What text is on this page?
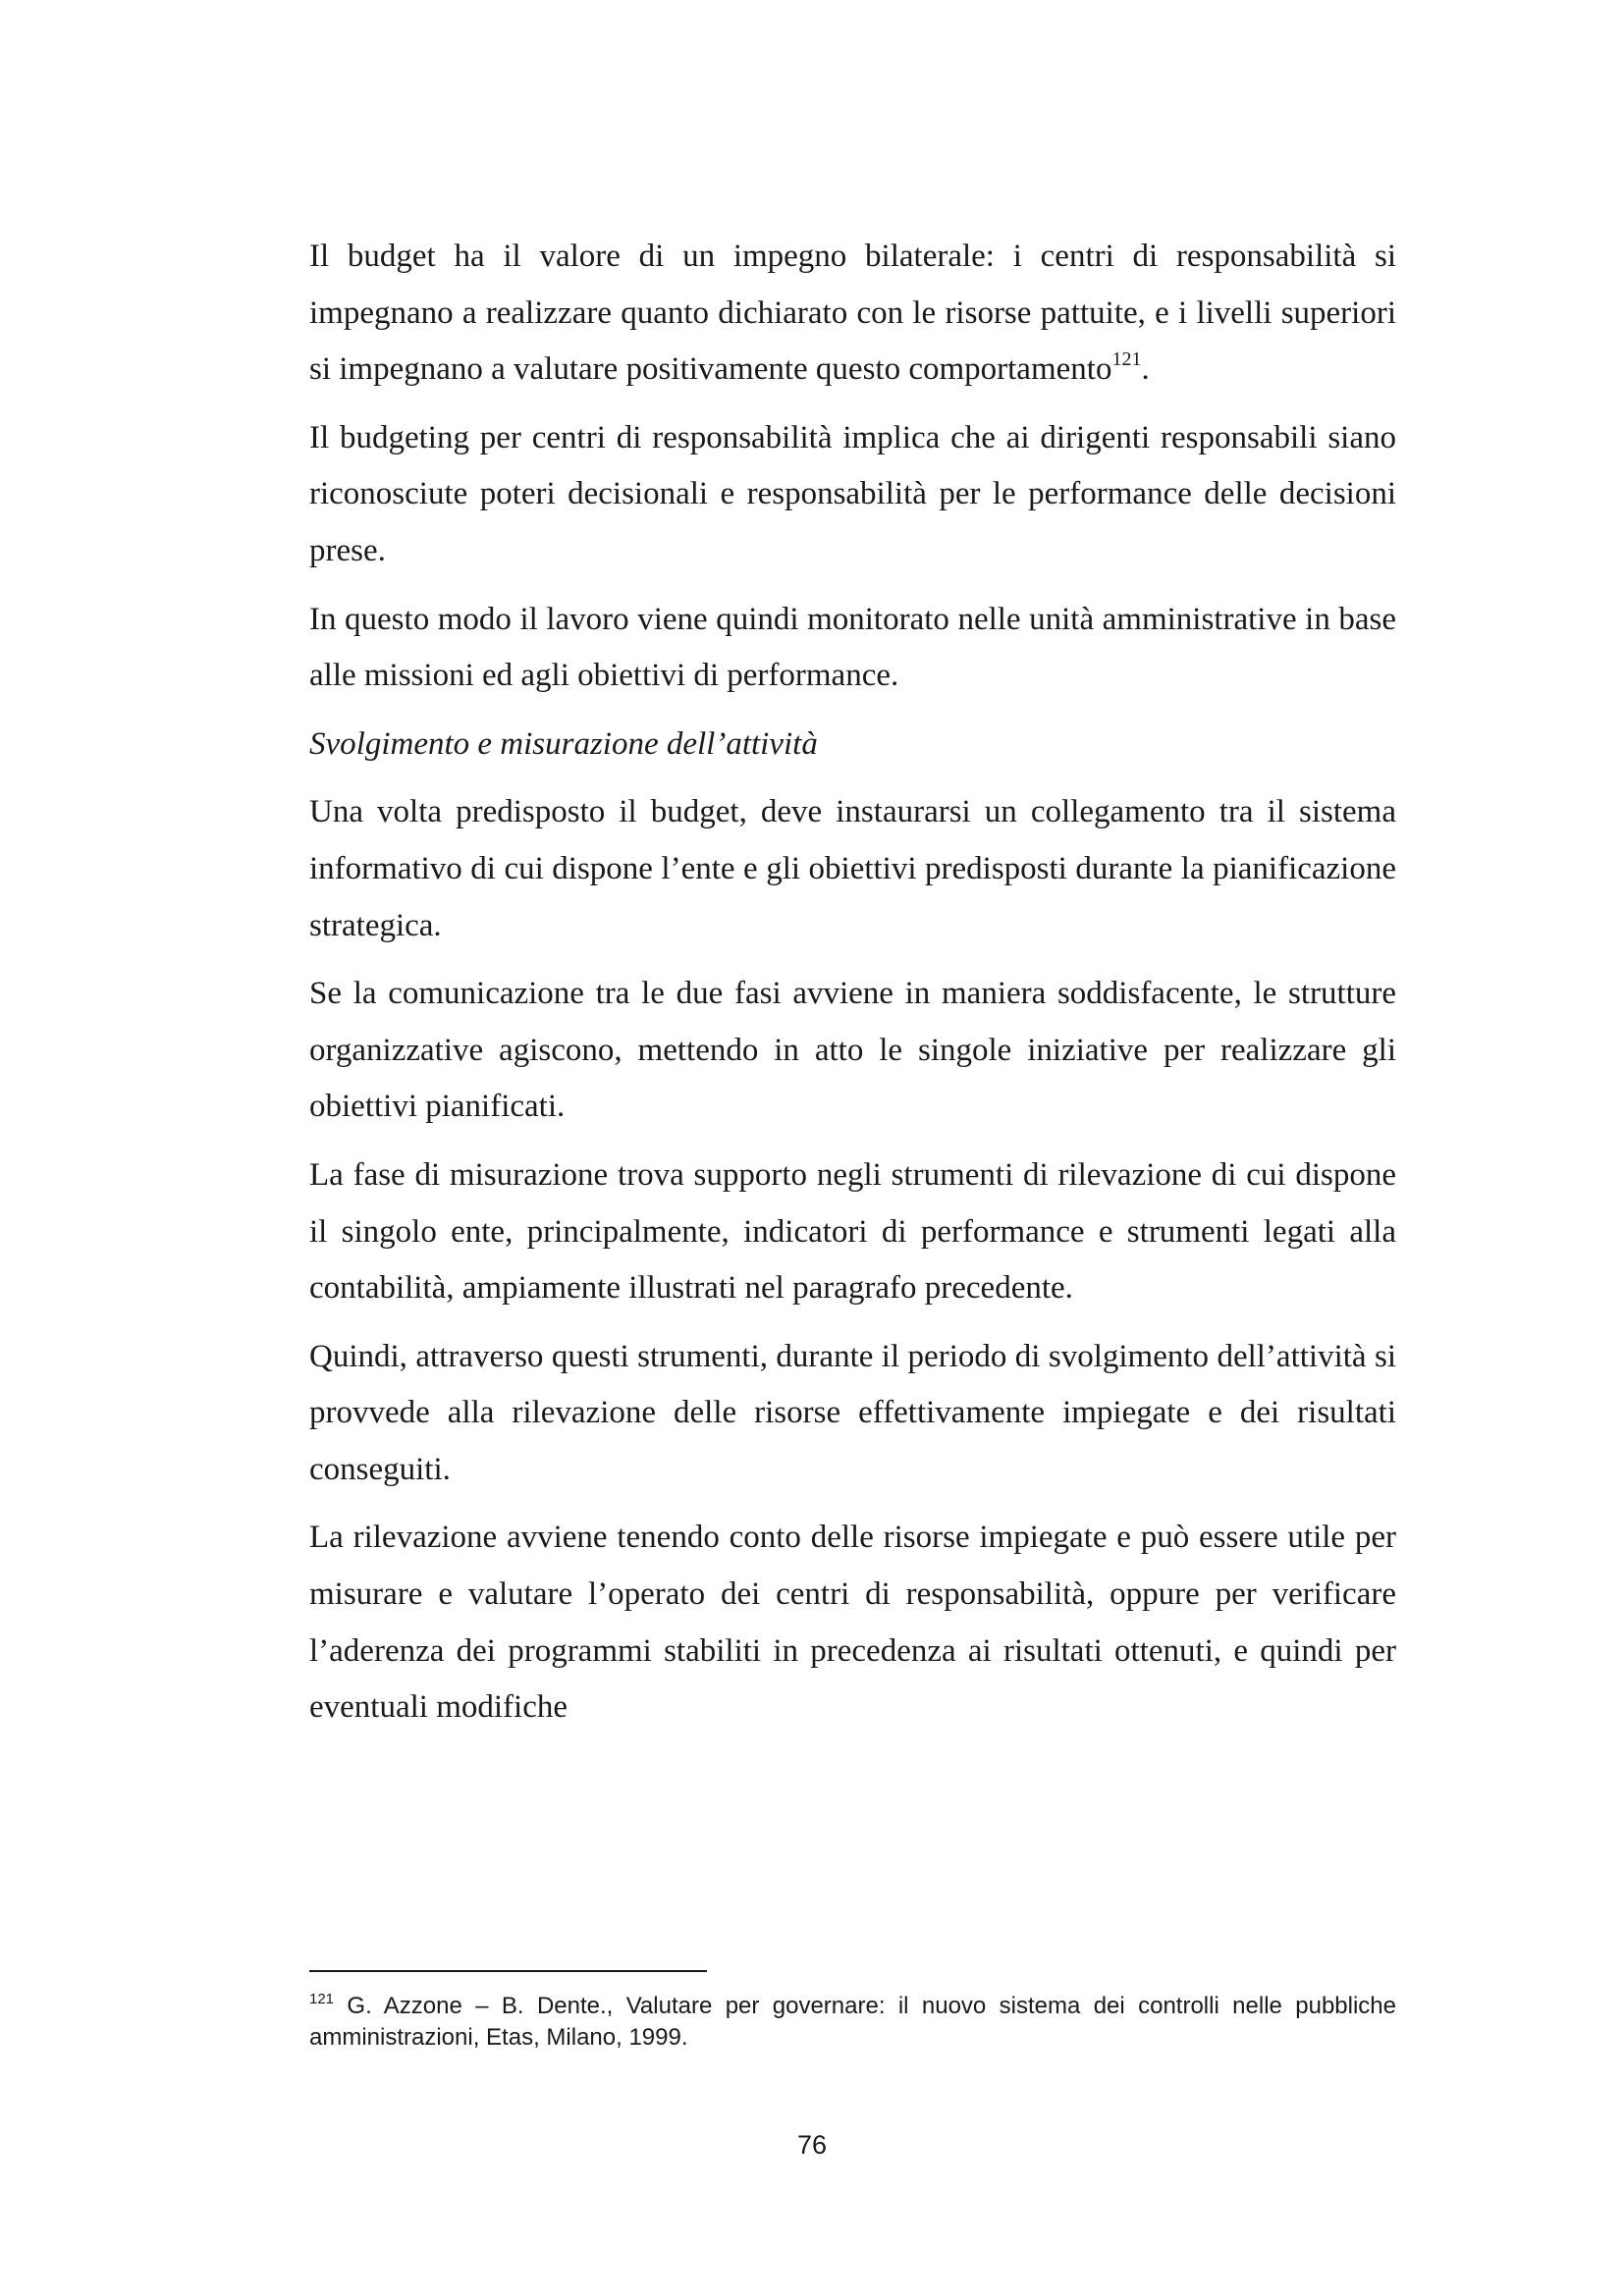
Il budget ha il valore di un impegno bilaterale: i centri di responsabilità si impegnano a realizzare quanto dichiarato con le risorse pattuite, e i livelli superiori si impegnano a valutare positivamente questo comportamento$^{121}$.

Il budgeting per centri di responsabilità implica che ai dirigenti responsabili siano riconosciute poteri decisionali e responsabilità per le performance delle decisioni prese.

In questo modo il lavoro viene quindi monitorato nelle unità amministrative in base alle missioni ed agli obiettivi di performance.

Svolgimento e misurazione dell’attività

Una volta predisposto il budget, deve instaurarsi un collegamento tra il sistema informativo di cui dispone l’ente e gli obiettivi predisposti durante la pianificazione strategica.

Se la comunicazione tra le due fasi avviene in maniera soddisfacente, le strutture organizzative agiscono, mettendo in atto le singole iniziative per realizzare gli obiettivi pianificati.

La fase di misurazione trova supporto negli strumenti di rilevazione di cui dispone il singolo ente, principalmente, indicatori di performance e strumenti legati alla contabilità, ampiamente illustrati nel paragrafo precedente.

Quindi, attraverso questi strumenti, durante il periodo di svolgimento dell’attività si provvede alla rilevazione delle risorse effettivamente impiegate e dei risultati conseguiti.

La rilevazione avviene tenendo conto delle risorse impiegate e può essere utile per misurare e valutare l’operato dei centri di responsabilità, oppure per verificare l’aderenza dei programmi stabiliti in precedenza ai risultati ottenuti, e quindi per eventuali modifiche

$^{121}$ G. Azzone – B. Dente., Valutare per governare: il nuovo sistema dei controlli nelle pubbliche amministrazioni, Etas, Milano, 1999.
76
